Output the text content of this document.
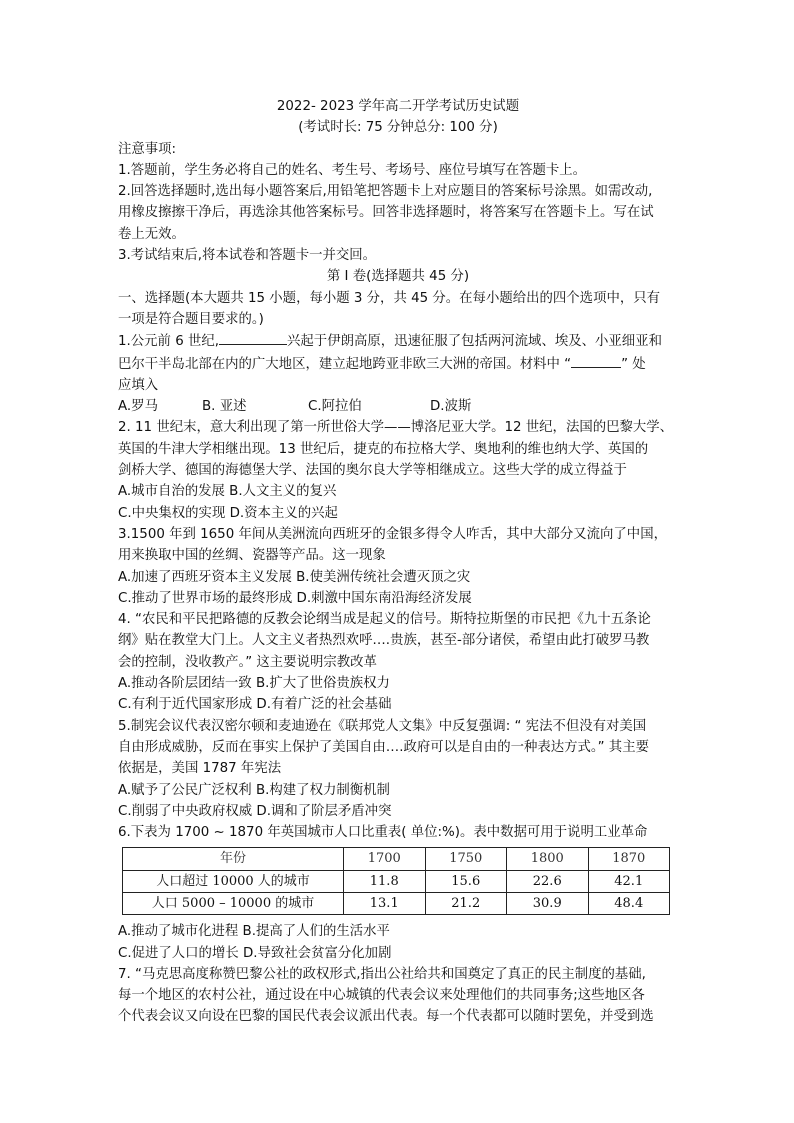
2022- 2023 学年高二开学考试历史试题
(考试时长: 75 分钟总分: 100 分)
注意事项:
1.答题前，学生务必将自己的姓名、考生号、考场号、座位号填写在答题卡上。
2.回答选择题时,选出每小题答案后,用铅笔把答题卡上对应题目的答案标号涂黑。如需改动,
用橡皮擦擦干净后，再选涂其他答案标号。回答非选择题时，将答案写在答题卡上。写在试
卷上无效。
3.考试结束后,将本试卷和答题卡一并交回。
第 I 卷(选择题共 45 分)
一、选择题(本大题共 15 小题，每小题 3 分，共 45 分。在每小题给出的四个选项中，只有
一项是符合题目要求的。)
1.公元前 6 世纪,	兴起于伊朗高原，迅速征服了包括两河流域、埃及、小亚细亚和
巴尔干半岛北部在内的广大地区，建立起地跨亚非欧三大洲的帝国。材料中 “	” 处
应填入
A.罗马	B. 亚述	C.阿拉伯	D.波斯
2. 11 世纪末，意大利出现了第一所世俗大学——博洛尼亚大学。12 世纪，法国的巴黎大学、
英国的牛津大学相继出现。13 世纪后，捷克的布拉格大学、奥地利的维也纳大学、英国的
剑桥大学、德国的海德堡大学、法国的奥尔良大学等相继成立。这些大学的成立得益于
A.城市自治的发展 B.人文主义的复兴
C.中央集权的实现 D.资本主义的兴起
3.1500 年到 1650 年间从美洲流向西班牙的金银多得令人咋舌，其中大部分又流向了中国，
用来换取中国的丝绸、瓷器等产品。这一现象
A.加速了西班牙资本主义发展 B.使美洲传统社会遭灭顶之灾
C.推动了世界市场的最终形成 D.刺激中国东南沿海经济发展
4. “农民和平民把路德的反教会论纲当成是起义的信号。斯特拉斯堡的市民把《九十五条论
纲》贴在教堂大门上。人文主义者热烈欢呼….贵族，甚至-部分诸侯，希望由此打破罗马教
会的控制，没收教产。” 这主要说明宗教改革
A.推动各阶层团结一致 B.扩大了世俗贵族权力
C.有利于近代国家形成 D.有着广泛的社会基础
5.制宪会议代表汉密尔顿和麦迪逊在《联邦党人文集》中反复强调: “ 宪法不但没有对美国
自由形成威胁，反而在事实上保护了美国自由….政府可以是自由的一种表达方式。” 其主要
依据是，美国 1787 年宪法
A.赋予了公民广泛权利 B.构建了权力制衡机制
C.削弱了中央政府权威 D.调和了阶层矛盾冲突
6.下表为 1700 ~ 1870 年英国城市人口比重表( 单位:%)。表中数据可用于说明工业革命
年份	1700	1750	1800	1870
人口超过 10000 人的城市	11.8	15.6	22.6	42.1
人口 5000 – 10000 的城市	13.1	21.2	30.9	48.4
A.推动了城市化进程 B.提高了人们的生活水平
C.促进了人口的增长 D.导致社会贫富分化加剧
7. “马克思高度称赞巴黎公社的政权形式,指出公社给共和国奠定了真正的民主制度的基础,
每一个地区的农村公社，通过设在中心城镇的代表会议来处理他们的共同事务;这些地区各
个代表会议又向设在巴黎的国民代表会议派出代表。每一个代表都可以随时罢免，并受到选
